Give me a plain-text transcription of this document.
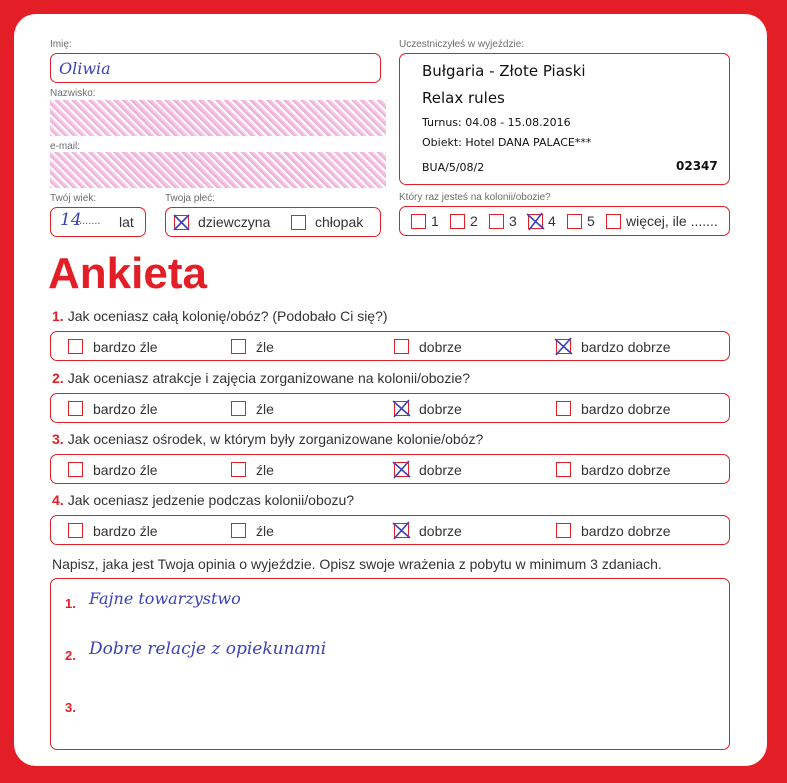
Imię:
Oliwia
Nazwisko:
e-mail:
Twój wiek:
14
........ lat
Twoja płeć:
dziewczyna	chłopak
Uczestniczyłeś w wyjeździe:
Bułgaria - Złote Piaski
Relax rules
Turnus: 04.08 - 15.08.2016
Obiekt: Hotel DANA PALACE***
BUA/5/08/2	02347
Który raz jesteś na kolonii/obozie?
1 2 3 4 5 więcej, ile .......
Ankieta
1. Jak oceniasz całą kolonię/obóz? (Podobało Ci się?)
bardzo źle	źle	dobrze	bardzo dobrze
2. Jak oceniasz atrakcje i zajęcia zorganizowane na kolonii/obozie?
bardzo źle	źle	dobrze	bardzo dobrze
3. Jak oceniasz ośrodek, w którym były zorganizowane kolonie/obóz?
bardzo źle	źle	dobrze	bardzo dobrze
4. Jak oceniasz jedzenie podczas kolonii/obozu?
bardzo źle	źle	dobrze	bardzo dobrze
Napisz, jaka jest Twoja opinia o wyjeździe. Opisz swoje wrażenia z pobytu w minimum 3 zdaniach.
1. Fajne towarzystwo
2. Dobre relacje z opiekunami
3.
